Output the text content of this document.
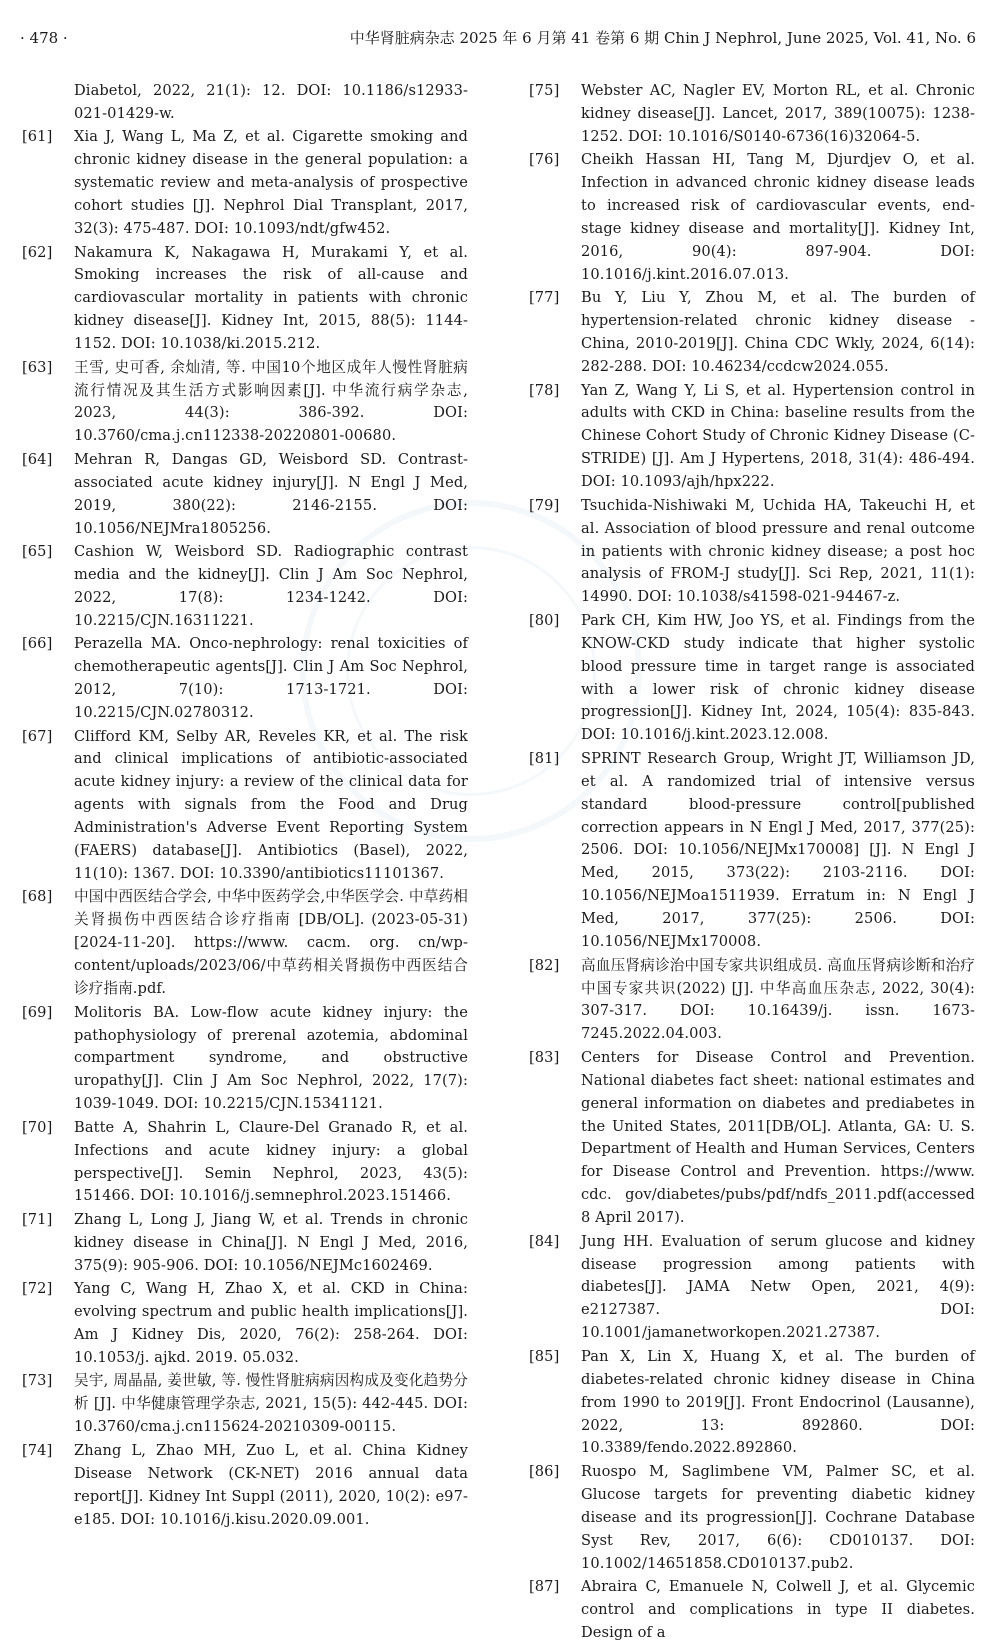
· 478 ·	中华肾脏病杂志 2025 年 6 月第 41 卷第 6 期 Chin J Nephrol, June 2025, Vol. 41, No. 6
Diabetol, 2022, 21(1): 12. DOI: 10.1186/s12933- 021-01429-w.
[61]	Xia J, Wang L, Ma Z, et al. Cigarette smoking and chronic kidney disease in the general population: a systematic review and meta-analysis of prospective cohort studies [J]. Nephrol Dial Transplant, 2017, 32(3): 475-487. DOI: 10.1093/ndt/gfw452.
[62]	Nakamura K, Nakagawa H, Murakami Y, et al. Smoking increases the risk of all-cause and cardiovascular mortality in patients with chronic kidney disease[J]. Kidney Int, 2015, 88(5): 1144-1152. DOI: 10.1038/ki.2015.212.
[63]	王雪, 史可香, 余灿清, 等. 中国10个地区成年人慢性肾脏病流行情况及其生活方式影响因素[J]. 中华流行病学杂志, 2023, 44(3): 386-392. DOI: 10.3760/cma.j.cn112338-20220801-00680.
[64]	Mehran R, Dangas GD, Weisbord SD. Contrast-associated acute kidney injury[J]. N Engl J Med, 2019, 380(22): 2146-2155. DOI: 10.1056/NEJMra1805256.
[65]	Cashion W, Weisbord SD. Radiographic contrast media and the kidney[J]. Clin J Am Soc Nephrol, 2022, 17(8): 1234-1242. DOI: 10.2215/CJN.16311221.
[66]	Perazella MA. Onco-nephrology: renal toxicities of chemotherapeutic agents[J]. Clin J Am Soc Nephrol, 2012, 7(10): 1713-1721. DOI: 10.2215/CJN.02780312.
[67]	Clifford KM, Selby AR, Reveles KR, et al. The risk and clinical implications of antibiotic-associated acute kidney injury: a review of the clinical data for agents with signals from the Food and Drug Administration's Adverse Event Reporting System (FAERS) database[J]. Antibiotics (Basel), 2022, 11(10): 1367. DOI: 10.3390/antibiotics11101367.
[68]	中国中西医结合学会, 中华中医药学会,中华医学会. 中草药相关肾损伤中西医结合诊疗指南 [DB/OL]. (2023-05-31) [2024-11-20]. https://www. cacm. org. cn/wp-content/uploads/2023/06/中草药相关肾损伤中西医结合诊疗指南.pdf.
[69]	Molitoris BA. Low-flow acute kidney injury: the pathophysiology of prerenal azotemia, abdominal compartment syndrome, and obstructive uropathy[J]. Clin J Am Soc Nephrol, 2022, 17(7): 1039-1049. DOI: 10.2215/CJN.15341121.
[70]	Batte A, Shahrin L, Claure-Del Granado R, et al. Infections and acute kidney injury: a global perspective[J]. Semin Nephrol, 2023, 43(5): 151466. DOI: 10.1016/j.semnephrol.2023.151466.
[71]	Zhang L, Long J, Jiang W, et al. Trends in chronic kidney disease in China[J]. N Engl J Med, 2016, 375(9): 905-906. DOI: 10.1056/NEJMc1602469.
[72]	Yang C, Wang H, Zhao X, et al. CKD in China: evolving spectrum and public health implications[J]. Am J Kidney Dis, 2020, 76(2): 258-264. DOI: 10.1053/j. ajkd. 2019. 05.032.
[73]	吴宇, 周晶晶, 姜世敏, 等. 慢性肾脏病病因构成及变化趋势分析 [J]. 中华健康管理学杂志, 2021, 15(5): 442-445. DOI: 10.3760/cma.j.cn115624-20210309-00115.
[74]	Zhang L, Zhao MH, Zuo L, et al. China Kidney Disease Network (CK-NET) 2016 annual data report[J]. Kidney Int Suppl (2011), 2020, 10(2): e97-e185. DOI: 10.1016/j.kisu.2020.09.001.
[75]	Webster AC, Nagler EV, Morton RL, et al. Chronic kidney disease[J]. Lancet, 2017, 389(10075): 1238-1252. DOI: 10.1016/S0140-6736(16)32064-5.
[76]	Cheikh Hassan HI, Tang M, Djurdjev O, et al. Infection in advanced chronic kidney disease leads to increased risk of cardiovascular events, end-stage kidney disease and mortality[J]. Kidney Int, 2016, 90(4): 897-904. DOI: 10.1016/j.kint.2016.07.013.
[77]	Bu Y, Liu Y, Zhou M, et al. The burden of hypertension-related chronic kidney disease - China, 2010-2019[J]. China CDC Wkly, 2024, 6(14): 282-288. DOI: 10.46234/ccdcw2024.055.
[78]	Yan Z, Wang Y, Li S, et al. Hypertension control in adults with CKD in China: baseline results from the Chinese Cohort Study of Chronic Kidney Disease (C-STRIDE) [J]. Am J Hypertens, 2018, 31(4): 486-494. DOI: 10.1093/ajh/hpx222.
[79]	Tsuchida-Nishiwaki M, Uchida HA, Takeuchi H, et al. Association of blood pressure and renal outcome in patients with chronic kidney disease; a post hoc analysis of FROM-J study[J]. Sci Rep, 2021, 11(1): 14990. DOI: 10.1038/s41598-021-94467-z.
[80]	Park CH, Kim HW, Joo YS, et al. Findings from the KNOW-CKD study indicate that higher systolic blood pressure time in target range is associated with a lower risk of chronic kidney disease progression[J]. Kidney Int, 2024, 105(4): 835-843. DOI: 10.1016/j.kint.2023.12.008.
[81]	SPRINT Research Group, Wright JT, Williamson JD, et al. A randomized trial of intensive versus standard blood-pressure control[published correction appears in N Engl J Med, 2017, 377(25): 2506. DOI: 10.1056/NEJMx170008] [J]. N Engl J Med, 2015, 373(22): 2103-2116. DOI: 10.1056/NEJMoa1511939. Erratum in: N Engl J Med, 2017, 377(25): 2506. DOI: 10.1056/NEJMx170008.
[82]	高血压肾病诊治中国专家共识组成员. 高血压肾病诊断和治疗中国专家共识(2022) [J]. 中华高血压杂志, 2022, 30(4): 307-317. DOI: 10.16439/j. issn. 1673-7245.2022.04.003.
[83]	Centers for Disease Control and Prevention. National diabetes fact sheet: national estimates and general information on diabetes and prediabetes in the United States, 2011[DB/OL]. Atlanta, GA: U. S. Department of Health and Human Services, Centers for Disease Control and Prevention. https://www. cdc. gov/diabetes/pubs/pdf/ndfs_2011.pdf(accessed 8 April 2017).
[84]	Jung HH. Evaluation of serum glucose and kidney disease progression among patients with diabetes[J]. JAMA Netw Open, 2021, 4(9): e2127387. DOI: 10.1001/jamanetworkopen.2021.27387.
[85]	Pan X, Lin X, Huang X, et al. The burden of diabetes-related chronic kidney disease in China from 1990 to 2019[J]. Front Endocrinol (Lausanne), 2022, 13: 892860. DOI: 10.3389/fendo.2022.892860.
[86]	Ruospo M, Saglimbene VM, Palmer SC, et al. Glucose targets for preventing diabetic kidney disease and its progression[J]. Cochrane Database Syst Rev, 2017, 6(6): CD010137. DOI: 10.1002/14651858.CD010137.pub2.
[87]	Abraira C, Emanuele N, Colwell J, et al. Glycemic control and complications in type II diabetes. Design of a
